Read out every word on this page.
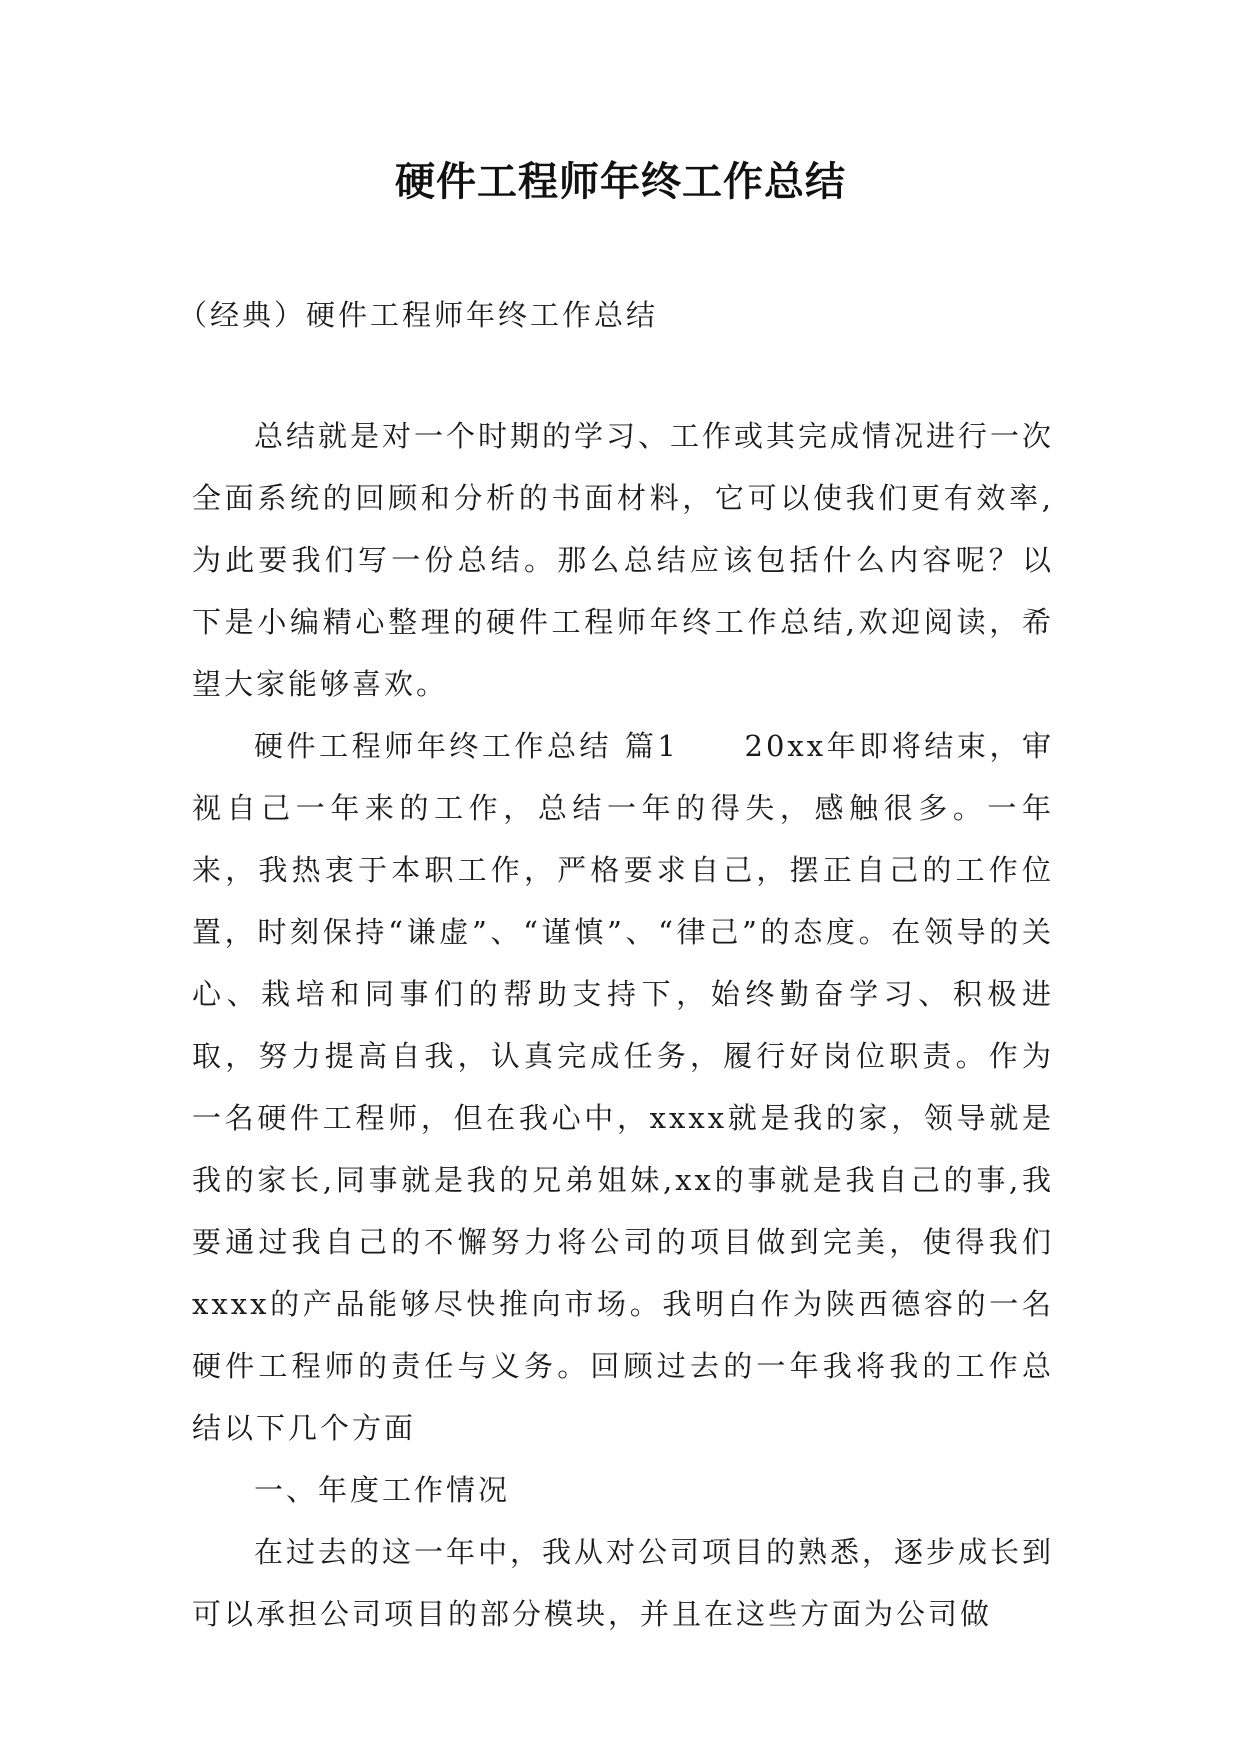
硬件工程师年终工作总结
（经典）硬件工程师年终工作总结

总结就是对一个时期的学习、工作或其完成情况进行一次全面系统的回顾和分析的书面材料，它可以使我们更有效率,为此要我们写一份总结。那么总结应该包括什么内容呢？以下是小编精心整理的硬件工程师年终工作总结,欢迎阅读，希望大家能够喜欢。

硬件工程师年终工作总结 篇1　　20xx年即将结束，审视自己一年来的工作，总结一年的得失，感触很多。一年来，我热衷于本职工作，严格要求自己，摆正自己的工作位置，时刻保持“谦虚”、“谨慎”、“律己”的态度。在领导的关心、栽培和同事们的帮助支持下，始终勤奋学习、积极进取，努力提高自我，认真完成任务，履行好岗位职责。作为一名硬件工程师，但在我心中，xxxx就是我的家，领导就是我的家长,同事就是我的兄弟姐妹,xx的事就是我自己的事,我要通过我自己的不懈努力将公司的项目做到完美，使得我们xxxx的产品能够尽快推向市场。我明白作为陕西德容的一名硬件工程师的责任与义务。回顾过去的一年我将我的工作总结以下几个方面

一、年度工作情况

在过去的这一年中，我从对公司项目的熟悉，逐步成长到可以承担公司项目的部分模块，并且在这些方面为公司做
